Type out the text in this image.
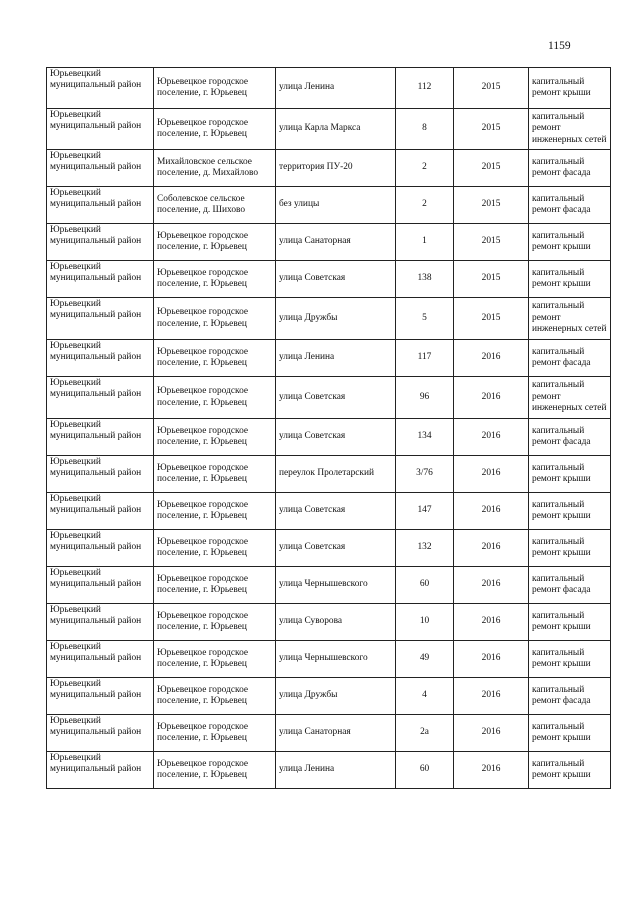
1159
Юрьевецкий муниципальный район	Юрьевецкое городское поселение, г. Юрьевец	улица Ленина	112	2015	капитальный ремонт крыши
Юрьевецкий муниципальный район	Юрьевецкое городское поселение, г. Юрьевец	улица Карла Маркса	8	2015	капитальный ремонт инженерных сетей
Юрьевецкий муниципальный район	Михайловское сельское поселение, д. Михайлово	территория ПУ-20	2	2015	капитальный ремонт фасада
Юрьевецкий муниципальный район	Соболевское сельское поселение, д. Шихово	без улицы	2	2015	капитальный ремонт фасада
Юрьевецкий муниципальный район	Юрьевецкое городское поселение, г. Юрьевец	улица Санаторная	1	2015	капитальный ремонт крыши
Юрьевецкий муниципальный район	Юрьевецкое городское поселение, г. Юрьевец	улица Советская	138	2015	капитальный ремонт крыши
Юрьевецкий муниципальный район	Юрьевецкое городское поселение, г. Юрьевец	улица Дружбы	5	2015	капитальный ремонт инженерных сетей
Юрьевецкий муниципальный район	Юрьевецкое городское поселение, г. Юрьевец	улица Ленина	117	2016	капитальный ремонт фасада
Юрьевецкий муниципальный район	Юрьевецкое городское поселение, г. Юрьевец	улица Советская	96	2016	капитальный ремонт инженерных сетей
Юрьевецкий муниципальный район	Юрьевецкое городское поселение, г. Юрьевец	улица Советская	134	2016	капитальный ремонт фасада
Юрьевецкий муниципальный район	Юрьевецкое городское поселение, г. Юрьевец	переулок Пролетарский	3/76	2016	капитальный ремонт крыши
Юрьевецкий муниципальный район	Юрьевецкое городское поселение, г. Юрьевец	улица Советская	147	2016	капитальный ремонт крыши
Юрьевецкий муниципальный район	Юрьевецкое городское поселение, г. Юрьевец	улица Советская	132	2016	капитальный ремонт крыши
Юрьевецкий муниципальный район	Юрьевецкое городское поселение, г. Юрьевец	улица Чернышевского	60	2016	капитальный ремонт фасада
Юрьевецкий муниципальный район	Юрьевецкое городское поселение, г. Юрьевец	улица Суворова	10	2016	капитальный ремонт крыши
Юрьевецкий муниципальный район	Юрьевецкое городское поселение, г. Юрьевец	улица Чернышевского	49	2016	капитальный ремонт крыши
Юрьевецкий муниципальный район	Юрьевецкое городское поселение, г. Юрьевец	улица Дружбы	4	2016	капитальный ремонт фасада
Юрьевецкий муниципальный район	Юрьевецкое городское поселение, г. Юрьевец	улица Санаторная	2а	2016	капитальный ремонт крыши
Юрьевецкий муниципальный район	Юрьевецкое городское поселение, г. Юрьевец	улица Ленина	60	2016	капитальный ремонт крыши
